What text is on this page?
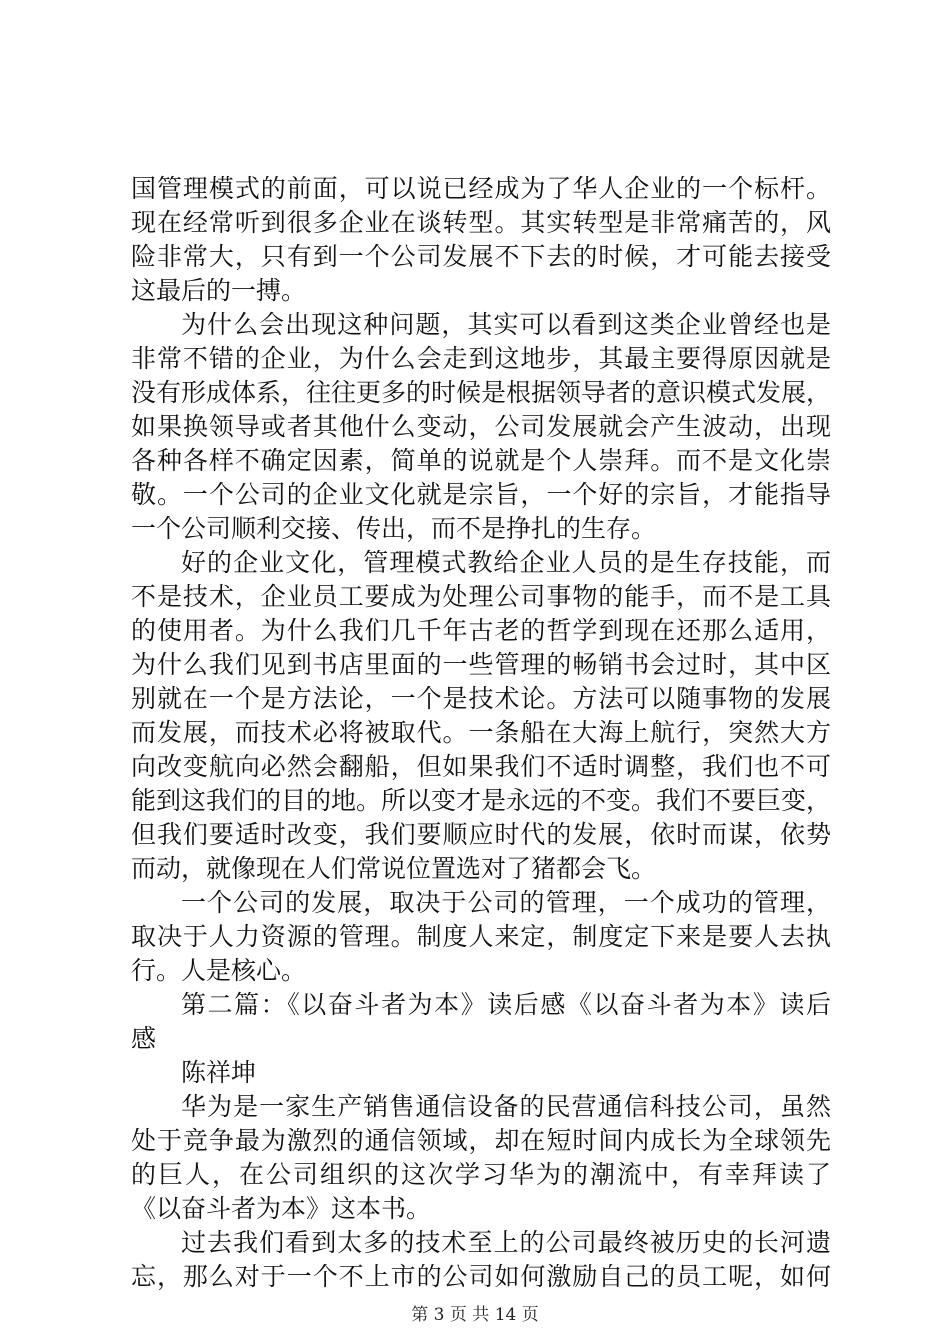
国管理模式的前面，可以说已经成为了华人企业的一个标杆。
现在经常听到很多企业在谈转型。其实转型是非常痛苦的，风
险非常大，只有到一个公司发展不下去的时候，才可能去接受
这最后的一搏。
为什么会出现这种问题，其实可以看到这类企业曾经也是
非常不错的企业，为什么会走到这地步，其最主要得原因就是
没有形成体系，往往更多的时候是根据领导者的意识模式发展，
如果换领导或者其他什么变动，公司发展就会产生波动，出现
各种各样不确定因素，简单的说就是个人崇拜。而不是文化崇
敬。一个公司的企业文化就是宗旨，一个好的宗旨，才能指导
一个公司顺利交接、传出，而不是挣扎的生存。
好的企业文化，管理模式教给企业人员的是生存技能，而
不是技术，企业员工要成为处理公司事物的能手，而不是工具
的使用者。为什么我们几千年古老的哲学到现在还那么适用，
为什么我们见到书店里面的一些管理的畅销书会过时，其中区
别就在一个是方法论，一个是技术论。方法可以随事物的发展
而发展，而技术必将被取代。一条船在大海上航行，突然大方
向改变航向必然会翻船，但如果我们不适时调整，我们也不可
能到这我们的目的地。所以变才是永远的不变。我们不要巨变，
但我们要适时改变，我们要顺应时代的发展，依时而谋，依势
而动，就像现在人们常说位置选对了猪都会飞。
一个公司的发展，取决于公司的管理，一个成功的管理，
取决于人力资源的管理。制度人来定，制度定下来是要人去执
行。人是核心。
第二篇：《以奋斗者为本》读后感《以奋斗者为本》读后
感
陈祥坤
华为是一家生产销售通信设备的民营通信科技公司，虽然
处于竞争最为激烈的通信领域，却在短时间内成长为全球领先
的巨人，在公司组织的这次学习华为的潮流中，有幸拜读了
《以奋斗者为本》这本书。
过去我们看到太多的技术至上的公司最终被历史的长河遗
忘，那么对于一个不上市的公司如何激励自己的员工呢，如何
第 3 页 共 14 页
